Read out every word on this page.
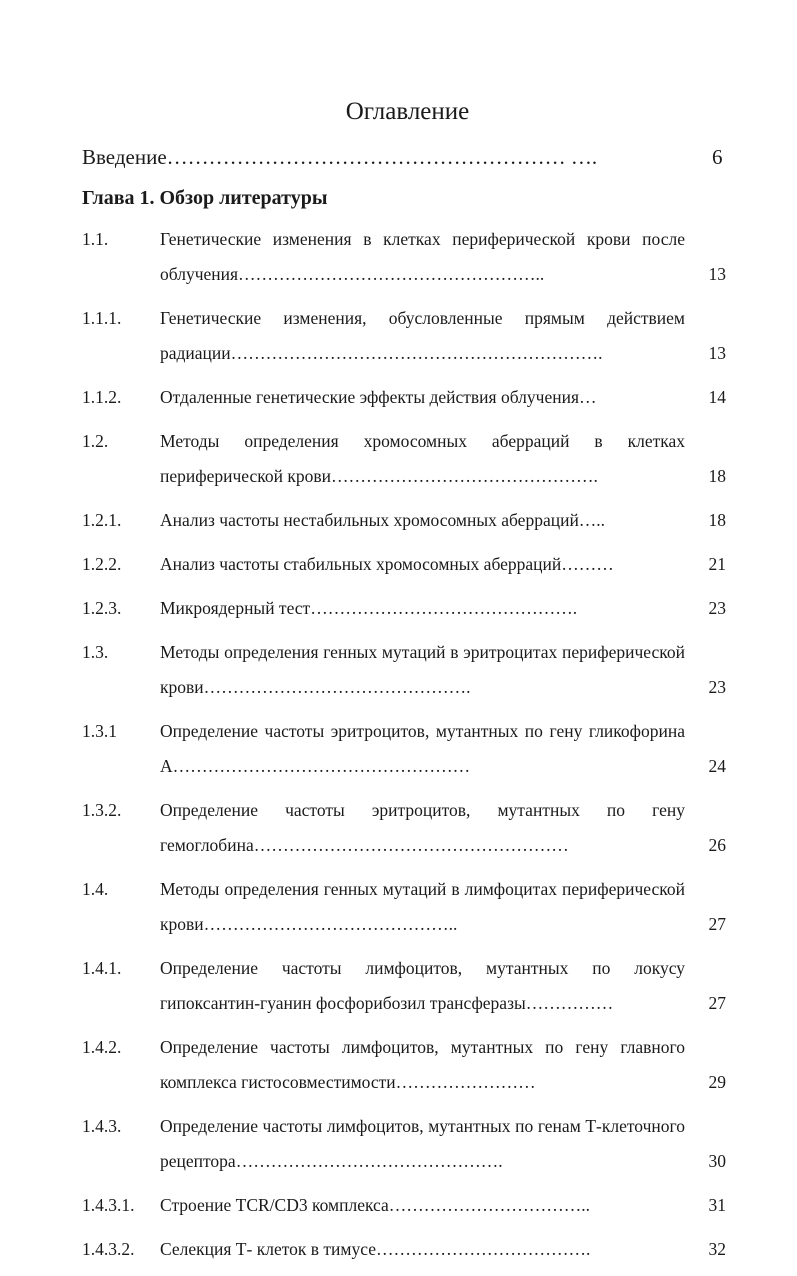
Оглавление
Введение………………………………………………… ….	6
Глава 1. Обзор литературы
1.1.	Генетические изменения в клетках периферической крови после облучения……………………………………………..	13
1.1.1. Генетические изменения, обусловленные прямым действием радиации……………………………………………………….	13
1.1.2. Отдаленные генетические эффекты действия облучения…	14
1.2.	Методы определения хромосомных аберраций в клетках периферической крови……………………………………….	18
1.2.1. Анализ частоты нестабильных хромосомных аберраций…..	18
1.2.2. Анализ частоты стабильных хромосомных аберраций………	21
1.2.3. Микроядерный тест……………………………………….	23
1.3.	Методы определения генных мутаций в эритроцитах периферической крови……………………………………….	23
1.3.1 Определение частоты эритроцитов, мутантных по гену гликофорина А……………………………………………	24
1.3.2. Определение частоты эритроцитов, мутантных по гену гемоглобина………………………………………………	26
1.4.	Методы определения генных мутаций в лимфоцитах периферической крови……………………………………..	27
1.4.1. Определение частоты лимфоцитов, мутантных по локусу гипоксантин-гуанин фосфорибозил трансферазы……………	27
1.4.2. Определение частоты лимфоцитов, мутантных по гену главного комплекса гистосовместимости……………………	29
1.4.3. Определение частоты лимфоцитов, мутантных по генам Т-клеточного рецептора……………………………………….	30
1.4.3.1. Строение TCR/CD3 комплекса……………………………..	31
1.4.3.2. Селекция Т- клеток в тимусе……………………………….	32
